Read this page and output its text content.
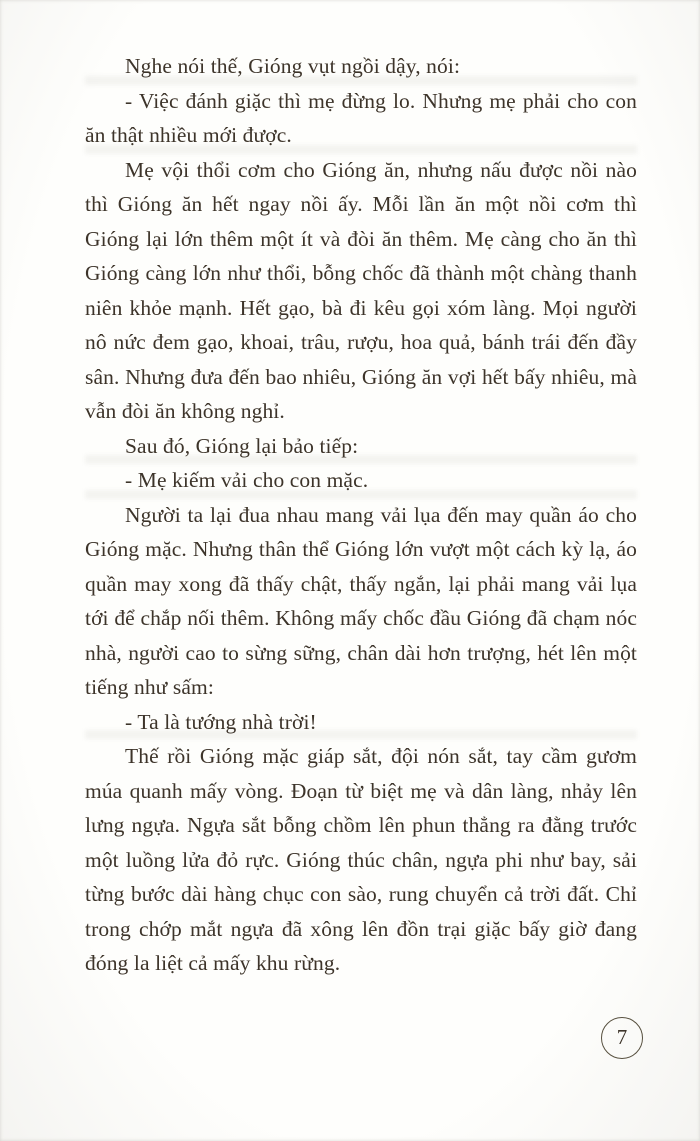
Nghe nói thế, Gióng vụt ngồi dậy, nói:

- Việc đánh giặc thì mẹ đừng lo. Nhưng mẹ phải cho con ăn thật nhiều mới được.

Mẹ vội thổi cơm cho Gióng ăn, nhưng nấu được nồi nào thì Gióng ăn hết ngay nồi ấy. Mỗi lần ăn một nồi cơm thì Gióng lại lớn thêm một ít và đòi ăn thêm. Mẹ càng cho ăn thì Gióng càng lớn như thổi, bỗng chốc đã thành một chàng thanh niên khỏe mạnh. Hết gạo, bà đi kêu gọi xóm làng. Mọi người nô nức đem gạo, khoai, trâu, rượu, hoa quả, bánh trái đến đầy sân. Nhưng đưa đến bao nhiêu, Gióng ăn vợi hết bấy nhiêu, mà vẫn đòi ăn không nghỉ.

Sau đó, Gióng lại bảo tiếp:

- Mẹ kiếm vải cho con mặc.

Người ta lại đua nhau mang vải lụa đến may quần áo cho Gióng mặc. Nhưng thân thể Gióng lớn vượt một cách kỳ lạ, áo quần may xong đã thấy chật, thấy ngắn, lại phải mang vải lụa tới để chắp nối thêm. Không mấy chốc đầu Gióng đã chạm nóc nhà, người cao to sừng sững, chân dài hơn trượng, hét lên một tiếng như sấm:

- Ta là tướng nhà trời!

Thế rồi Gióng mặc giáp sắt, đội nón sắt, tay cầm gươm múa quanh mấy vòng. Đoạn từ biệt mẹ và dân làng, nhảy lên lưng ngựa. Ngựa sắt bỗng chồm lên phun thẳng ra đằng trước một luồng lửa đỏ rực. Gióng thúc chân, ngựa phi như bay, sải từng bước dài hàng chục con sào, rung chuyển cả trời đất. Chỉ trong chớp mắt ngựa đã xông lên đồn trại giặc bấy giờ đang đóng la liệt cả mấy khu rừng.

7
